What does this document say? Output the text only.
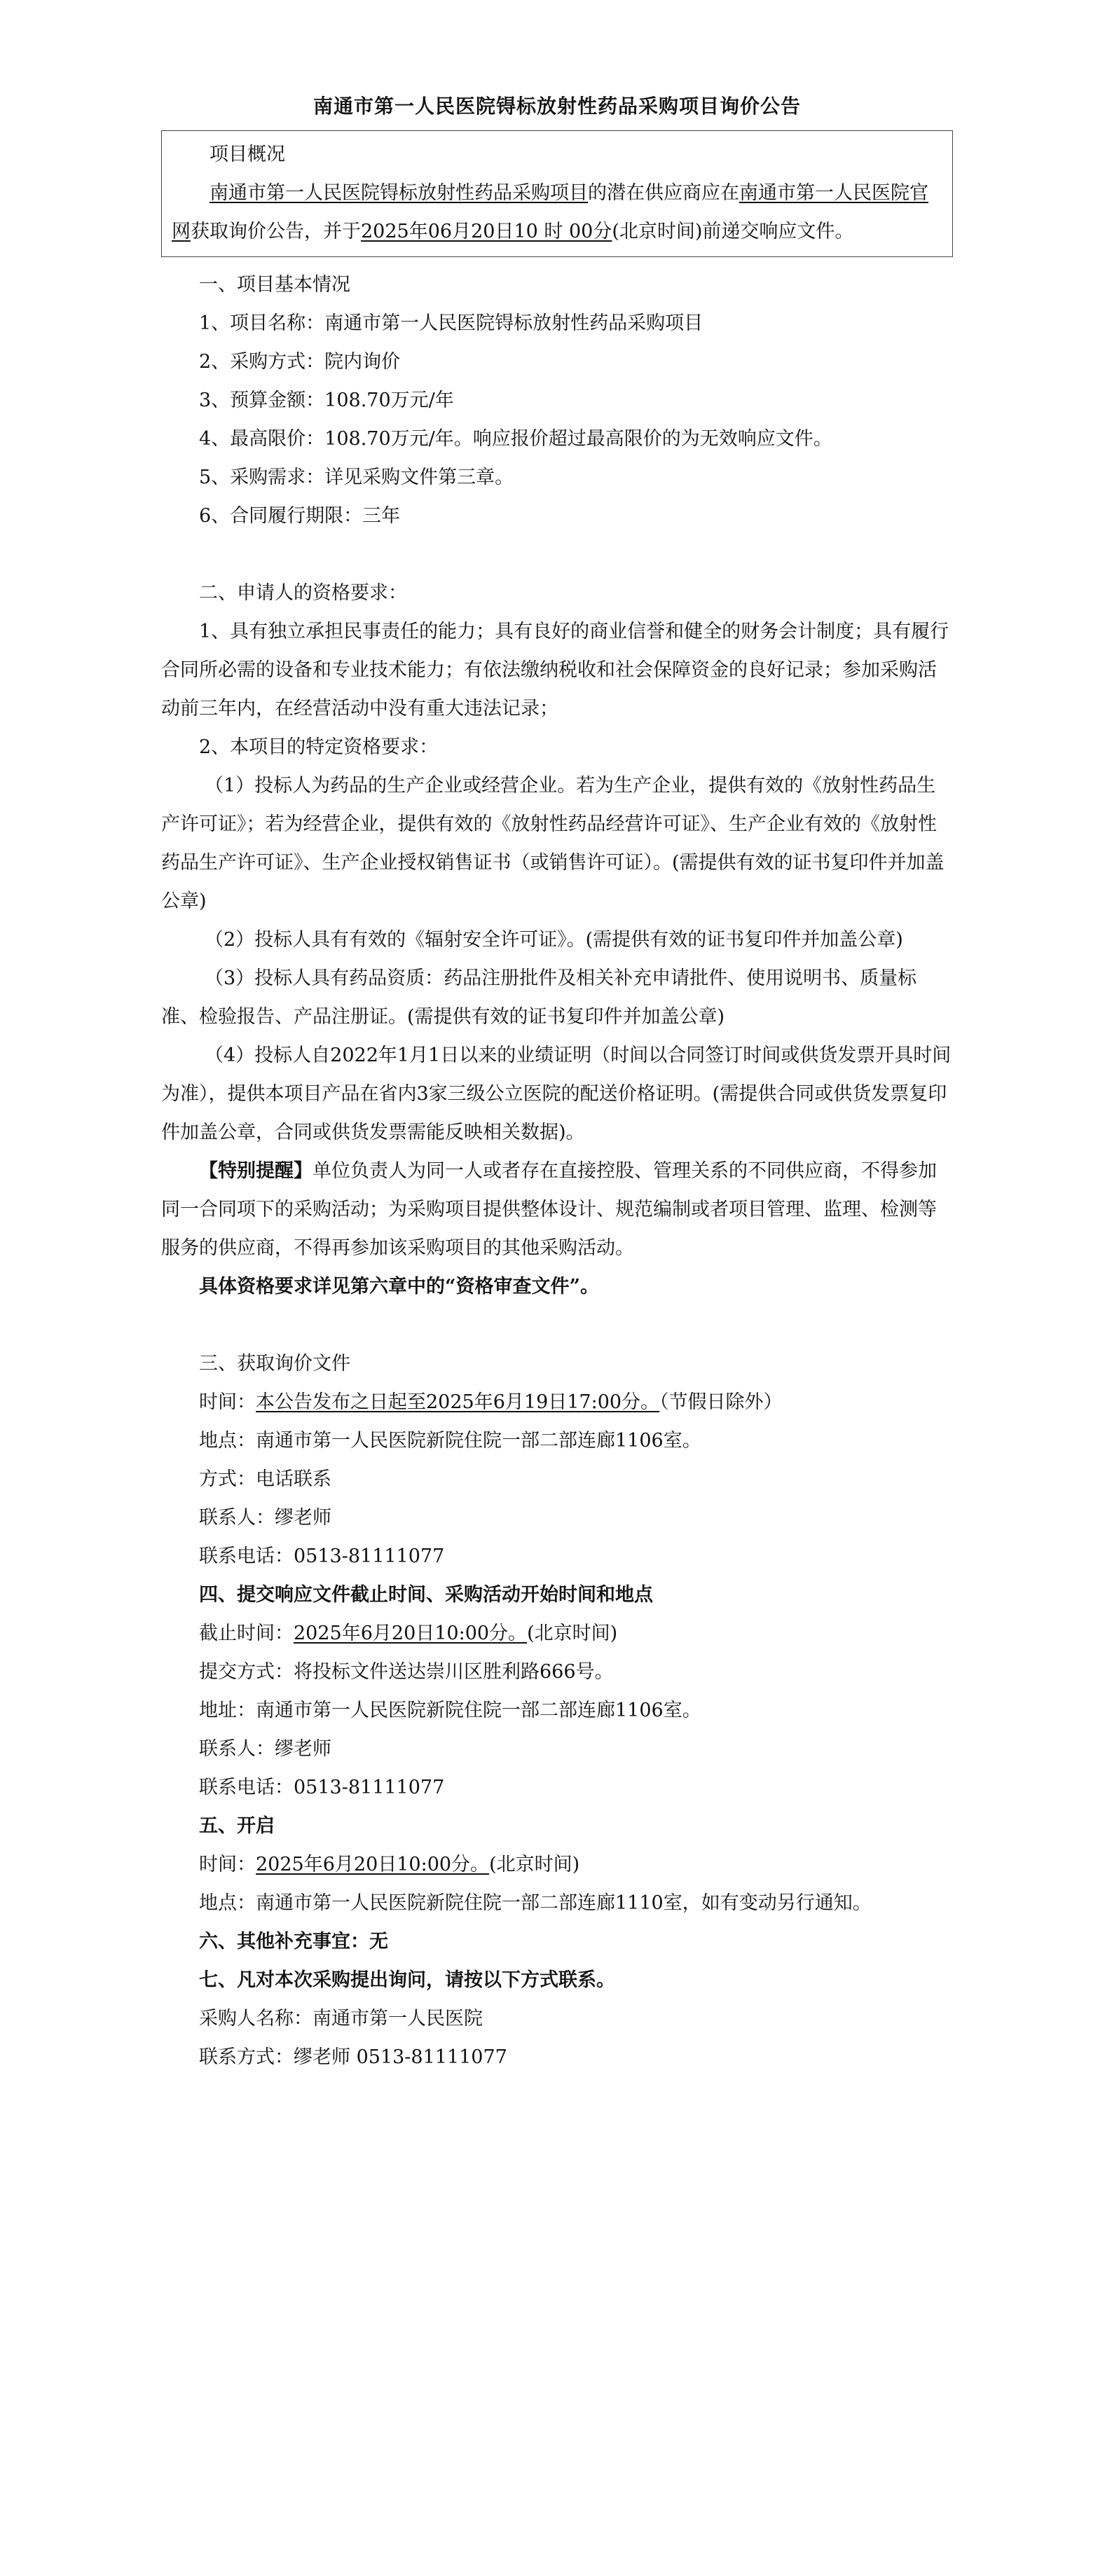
南通市第一人民医院锝标放射性药品采购项目询价公告

项目概况

南通市第一人民医院锝标放射性药品采购项目的潜在供应商应在南通市第一人民医院官网获取询价公告，并于2025年06月20日10 时 00分(北京时间)前递交响应文件。

一、项目基本情况

1、项目名称：南通市第一人民医院锝标放射性药品采购项目

2、采购方式：院内询价

3、预算金额：108.70万元/年

4、最高限价：108.70万元/年。响应报价超过最高限价的为无效响应文件。

5、采购需求：详见采购文件第三章。

6、合同履行期限：三年

二、申请人的资格要求：

1、具有独立承担民事责任的能力；具有良好的商业信誉和健全的财务会计制度；具有履行合同所必需的设备和专业技术能力；有依法缴纳税收和社会保障资金的良好记录；参加采购活动前三年内，在经营活动中没有重大违法记录；

2、本项目的特定资格要求：

（1）投标人为药品的生产企业或经营企业。若为生产企业，提供有效的《放射性药品生产许可证》；若为经营企业，提供有效的《放射性药品经营许可证》、生产企业有效的《放射性药品生产许可证》、生产企业授权销售证书（或销售许可证）。(需提供有效的证书复印件并加盖公章)

（2）投标人具有有效的《辐射安全许可证》。(需提供有效的证书复印件并加盖公章)

（3）投标人具有药品资质：药品注册批件及相关补充申请批件、使用说明书、质量标准、检验报告、产品注册证。(需提供有效的证书复印件并加盖公章)

（4）投标人自2022年1月1日以来的业绩证明（时间以合同签订时间或供货发票开具时间为准），提供本项目产品在省内3家三级公立医院的配送价格证明。(需提供合同或供货发票复印件加盖公章，合同或供货发票需能反映相关数据)。

【特别提醒】单位负责人为同一人或者存在直接控股、管理关系的不同供应商，不得参加同一合同项下的采购活动；为采购项目提供整体设计、规范编制或者项目管理、监理、检测等服务的供应商，不得再参加该采购项目的其他采购活动。

具体资格要求详见第六章中的“资格审查文件”。

三、获取询价文件

时间：本公告发布之日起至2025年6月19日17:00分。（节假日除外）

地点：南通市第一人民医院新院住院一部二部连廊1106室。

方式：电话联系

联系人：缪老师

联系电话：0513-81111077

四、提交响应文件截止时间、采购活动开始时间和地点

截止时间：2025年6月20日10:00分。(北京时间)

提交方式：将投标文件送达崇川区胜利路666号。

地址：南通市第一人民医院新院住院一部二部连廊1106室。

联系人：缪老师

联系电话：0513-81111077

五、开启

时间：2025年6月20日10:00分。(北京时间)

地点：南通市第一人民医院新院住院一部二部连廊1110室，如有变动另行通知。

六、其他补充事宜：无

七、凡对本次采购提出询问，请按以下方式联系。

采购人名称：南通市第一人民医院

联系方式：缪老师 0513-81111077
